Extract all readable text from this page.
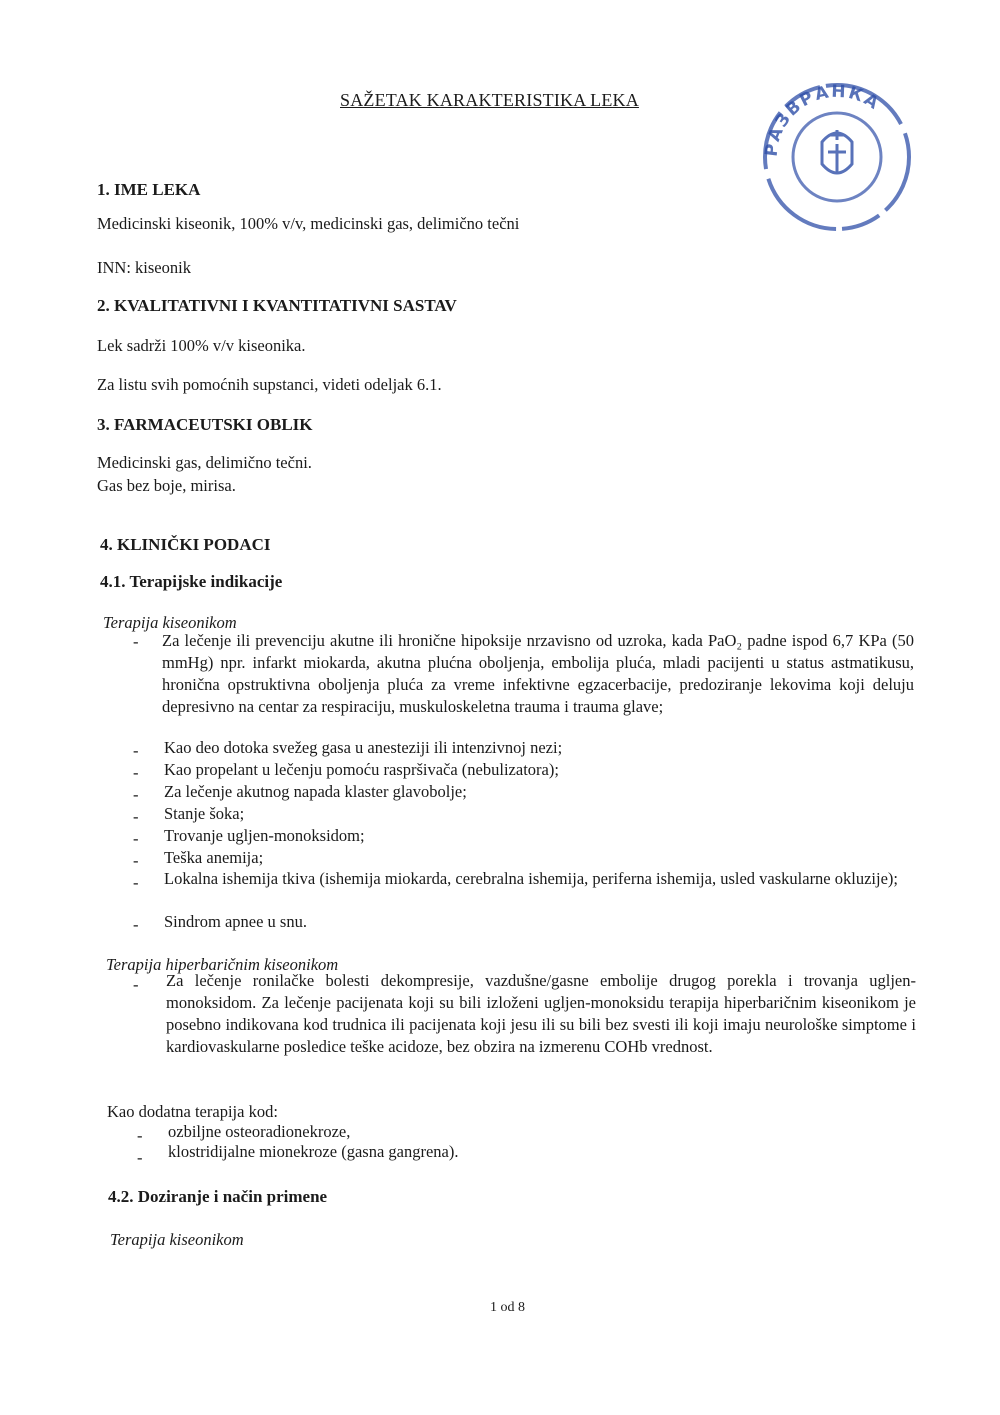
SAŽETAK KARAKTERISTIKA LEKA
РАЗВРАНКА
1. IME LEKA
Medicinski kiseonik, 100% v/v, medicinski gas, delimično tečni
INN: kiseonik
2. KVALITATIVNI I KVANTITATIVNI SASTAV
Lek sadrži 100% v/v kiseonika.
Za listu svih pomoćnih supstanci, videti odeljak 6.1.
3. FARMACEUTSKI OBLIK
Medicinski gas, delimično tečni.
Gas bez boje, mirisa.
4. KLINIČKI PODACI
4.1. Terapijske indikacije
Terapija kiseonikom
- Za lečenje ili prevenciju akutne ili hronične hipoksije nrzavisno od uzroka, kada PaO₂ padne ispod 6,7 KPa (50 mmHg) npr. infarkt miokarda, akutna plućna oboljenja, embolija pluća, mladi pacijenti u status astmatikusu, hronična opstruktivna oboljenja pluća za vreme infektivne egzacerbacije, predoziranje lekovima koji deluju depresivno na centar za respiraciju, muskuloskeletna trauma i trauma glave;
- Kao deo dotoka svežeg gasa u anesteziji ili intenzivnoj nezi;
- Kao propelant u lečenju pomoću raspršivača (nebulizatora);
- Za lečenje akutnog napada klaster glavobolje;
- Stanje šoka;
- Trovanje ugljen-monoksidom;
- Teška anemija;
- Lokalna ishemija tkiva (ishemija miokarda, cerebralna ishemija, periferna ishemija, usled vaskularne okluzije);
- Sindrom apnee u snu.
Terapija hiperbaričnim kiseonikom
- Za lečenje ronilačke bolesti dekompresije, vazdušne/gasne embolije drugog porekla i trovanja ugljen-monoksidom. Za lečenje pacijenata koji su bili izloženi ugljen-monoksidu terapija hiperbaričnim kiseonikom je posebno indikovana kod trudnica ili pacijenata koji jesu ili su bili bez svesti ili koji imaju neurološke simptome i kardiovaskularne posledice teške acidoze, bez obzira na izmerenu COHb vrednost.
Kao dodatna terapija kod:
- ozbiljne osteoradionekroze,
- klostridijalne mionekroze (gasna gangrena).
4.2. Doziranje i način primene
Terapija kiseonikom
1 od 8
